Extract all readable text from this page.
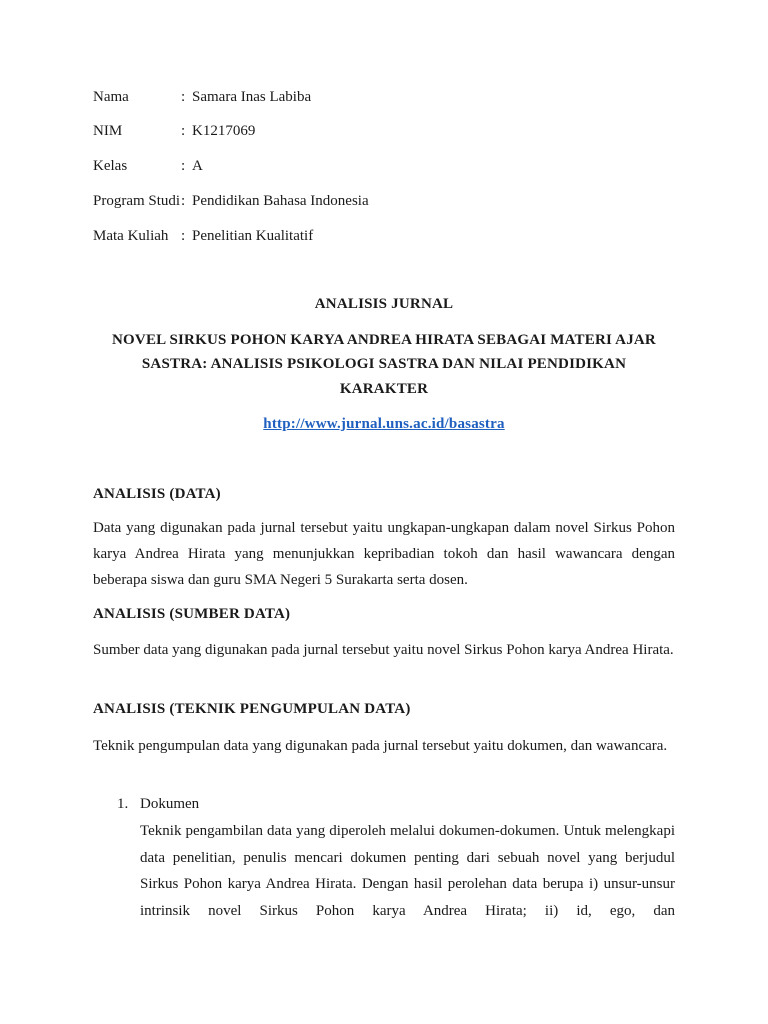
Nama	: Samara Inas Labiba
NIM	: K1217069
Kelas	: A
Program Studi: Pendidikan Bahasa Indonesia
Mata Kuliah : Penelitian Kualitatif
ANALISIS JURNAL
NOVEL SIRKUS POHON KARYA ANDREA HIRATA SEBAGAI MATERI AJAR
SASTRA: ANALISIS PSIKOLOGI SASTRA DAN NILAI PENDIDIKAN
KARAKTER
http://www.jurnal.uns.ac.id/basastra
ANALISIS (DATA)
Data yang digunakan pada jurnal tersebut yaitu ungkapan-ungkapan dalam novel Sirkus Pohon karya Andrea Hirata yang menunjukkan kepribadian tokoh dan hasil wawancara dengan beberapa siswa dan guru SMA Negeri 5 Surakarta serta dosen.
ANALISIS (SUMBER DATA)
Sumber data yang digunakan pada jurnal tersebut yaitu novel Sirkus Pohon karya Andrea Hirata.
ANALISIS (TEKNIK PENGUMPULAN DATA)
Teknik pengumpulan data yang digunakan pada jurnal tersebut yaitu dokumen, dan wawancara.
1. Dokumen
Teknik pengambilan data yang diperoleh melalui dokumen-dokumen. Untuk melengkapi data penelitian, penulis mencari dokumen penting dari sebuah novel yang berjudul Sirkus Pohon karya Andrea Hirata. Dengan hasil perolehan data berupa i) unsur-unsur intrinsik novel Sirkus Pohon karya Andrea Hirata; ii) id, ego, dan
